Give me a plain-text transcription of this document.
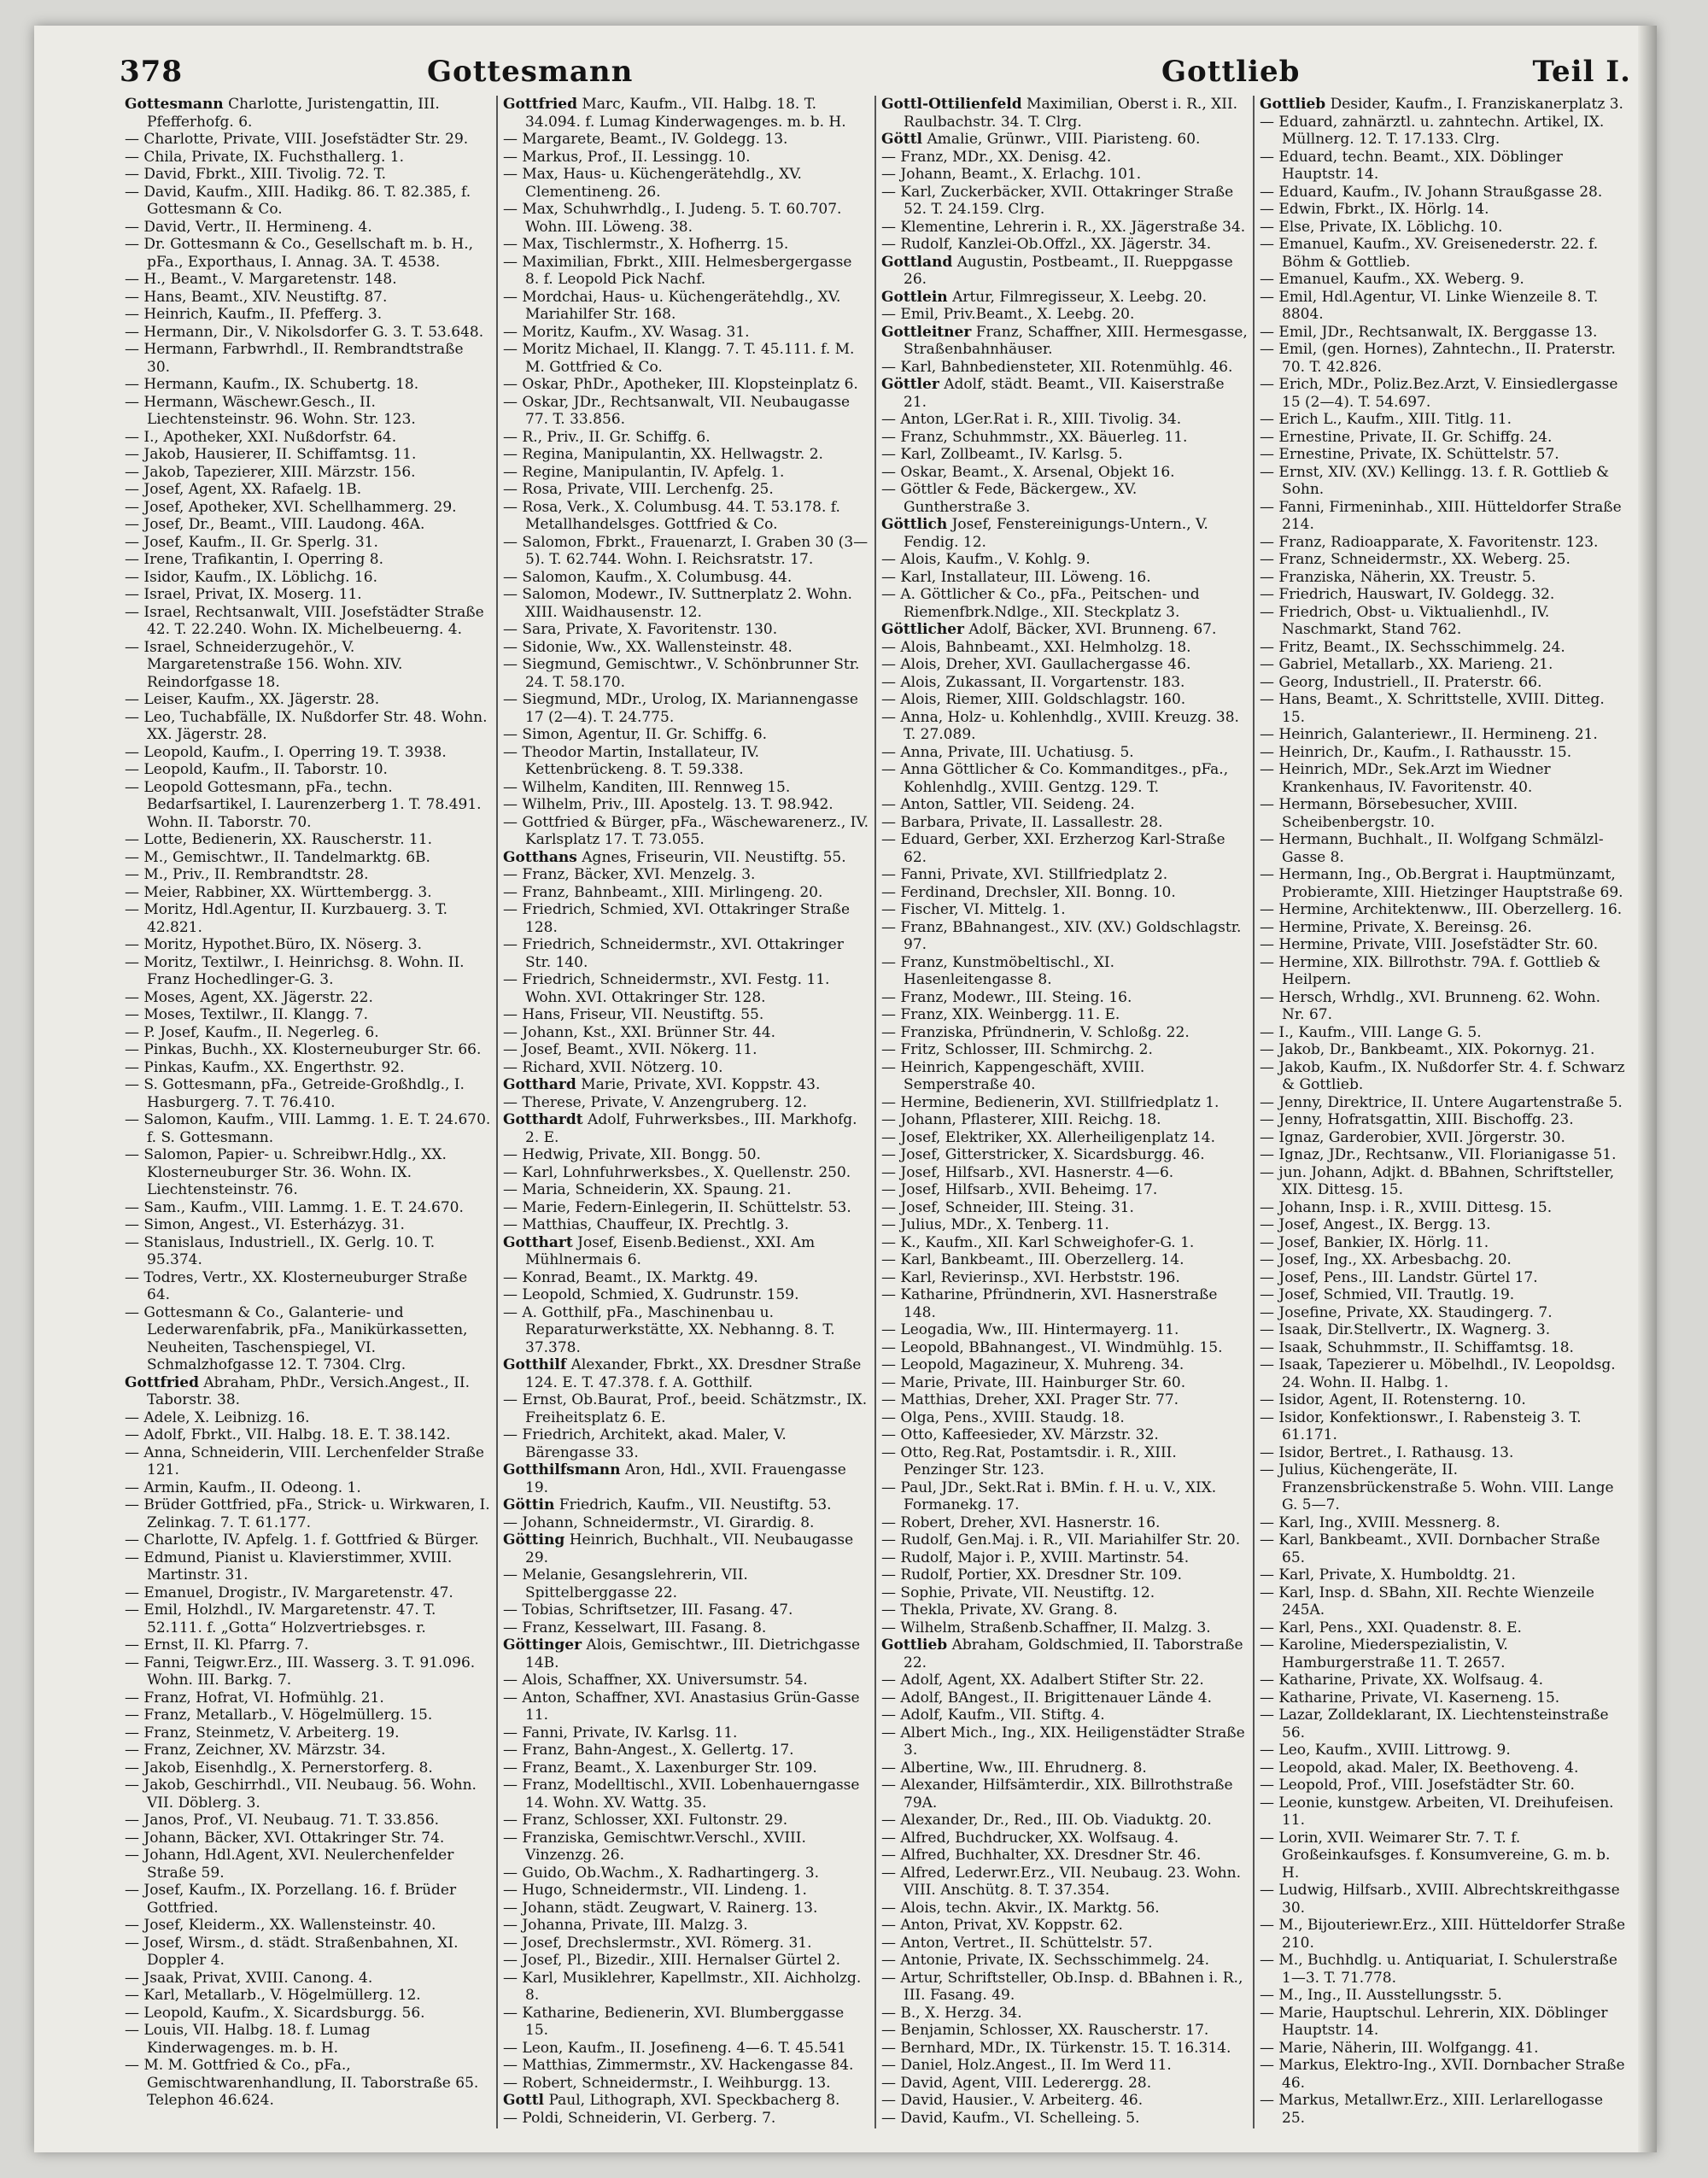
378	Gottesmann	Gottlieb	Teil I.

Gottesmann Charlotte, Juristengattin, III. Pfefferhofg. 6.

— Charlotte, Private, VIII. Josefstädter Str. 29.

— Chila, Private, IX. Fuchsthallerg. 1.

— David, Fbrkt., XIII. Tivolig. 72. T.

— David, Kaufm., XIII. Hadikg. 86. T. 82.385, f. Gottesmann & Co.

— David, Vertr., II. Hermineng. 4.

— Dr. Gottesmann & Co., Gesellschaft m. b. H., pFa., Exporthaus, I. Annag. 3A. T. 4538.

— H., Beamt., V. Margaretenstr. 148.

— Hans, Beamt., XIV. Neustiftg. 87.

— Heinrich, Kaufm., II. Pfefferg. 3.

— Hermann, Dir., V. Nikolsdorfer G. 3. T. 53.648.

— Hermann, Farbwrhdl., II. Rembrandtstraße 30.

— Hermann, Kaufm., IX. Schubertg. 18.

— Hermann, Wäschewr.Gesch., II. Liechtensteinstr. 96. Wohn. Str. 123.

— I., Apotheker, XXI. Nußdorfstr. 64.

— Jakob, Hausierer, II. Schiffamtsg. 11.

— Jakob, Tapezierer, XIII. Märzstr. 156.

— Josef, Agent, XX. Rafaelg. 1B.

— Josef, Apotheker, XVI. Schellhammerg. 29.

— Josef, Dr., Beamt., VIII. Laudong. 46A.

— Josef, Kaufm., II. Gr. Sperlg. 31.

— Irene, Trafikantin, I. Operring 8.

— Isidor, Kaufm., IX. Löblichg. 16.

— Israel, Privat, IX. Moserg. 11.

— Israel, Rechtsanwalt, VIII. Josefstädter Straße 42. T. 22.240. Wohn. IX. Michelbeuerng. 4.

— Israel, Schneiderzugehör., V. Margaretenstraße 156. Wohn. XIV. Reindorfgasse 18.

— Leiser, Kaufm., XX. Jägerstr. 28.

— Leo, Tuchabfälle, IX. Nußdorfer Str. 48. Wohn. XX. Jägerstr. 28.

— Leopold, Kaufm., I. Operring 19. T. 3938.

— Leopold, Kaufm., II. Taborstr. 10.

— Leopold Gottesmann, pFa., techn. Bedarfsartikel, I. Laurenzerberg 1. T. 78.491. Wohn. II. Taborstr. 70.

— Lotte, Bedienerin, XX. Rauscherstr. 11.

— M., Gemischtwr., II. Tandelmarktg. 6B.

— M., Priv., II. Rembrandtstr. 28.

— Meier, Rabbiner, XX. Württembergg. 3.

— Moritz, Hdl.Agentur, II. Kurzbauerg. 3. T. 42.821.

— Moritz, Hypothet.Büro, IX. Nöserg. 3.

— Moritz, Textilwr., I. Heinrichsg. 8. Wohn. II. Franz Hochedlinger-G. 3.

— Moses, Agent, XX. Jägerstr. 22.

— Moses, Textilwr., II. Klangg. 7.

— P. Josef, Kaufm., II. Negerleg. 6.

— Pinkas, Buchh., XX. Klosterneuburger Str. 66.

— Pinkas, Kaufm., XX. Engerthstr. 92.

— S. Gottesmann, pFa., Getreide-Großhdlg., I. Hasburgerg. 7. T. 76.410.

— Salomon, Kaufm., VIII. Lammg. 1. E. T. 24.670. f. S. Gottesmann.

— Salomon, Papier- u. Schreibwr.Hdlg., XX. Klosterneuburger Str. 36. Wohn. IX. Liechtensteinstr. 76.

— Sam., Kaufm., VIII. Lammg. 1. E. T. 24.670.

— Simon, Angest., VI. Esterházyg. 31.

— Stanislaus, Industriell., IX. Gerlg. 10. T. 95.374.

— Todres, Vertr., XX. Klosterneuburger Straße 64.

— Gottesmann & Co., Galanterie- und Lederwarenfabrik, pFa., Manikürkassetten, Neuheiten, Taschenspiegel, VI. Schmalzhofgasse 12. T. 7304. Clrg.

Gottfried Abraham, PhDr., Versich.Angest., II. Taborstr. 38.

— Adele, X. Leibnizg. 16.

— Adolf, Fbrkt., VII. Halbg. 18. E. T. 38.142.

— Anna, Schneiderin, VIII. Lerchenfelder Straße 121.

— Armin, Kaufm., II. Odeong. 1.

— Brüder Gottfried, pFa., Strick- u. Wirkwaren, I. Zelinkag. 7. T. 61.177.

— Charlotte, IV. Apfelg. 1. f. Gottfried & Bürger.

— Edmund, Pianist u. Klavierstimmer, XVIII. Martinstr. 31.

— Emanuel, Drogistr., IV. Margaretenstr. 47.

— Emil, Holzhdl., IV. Margaretenstr. 47. T. 52.111. f. „Gotta“ Holzvertriebsges. r.

— Ernst, II. Kl. Pfarrg. 7.

— Fanni, Teigwr.Erz., III. Wasserg. 3. T. 91.096. Wohn. III. Barkg. 7.

— Franz, Hofrat, VI. Hofmühlg. 21.

— Franz, Metallarb., V. Högelmüllerg. 15.

— Franz, Steinmetz, V. Arbeiterg. 19.

— Franz, Zeichner, XV. Märzstr. 34.

— Jakob, Eisenhdlg., X. Pernerstorferg. 8.

— Jakob, Geschirrhdl., VII. Neubaug. 56. Wohn. VII. Döblerg. 3.

— Janos, Prof., VI. Neubaug. 71. T. 33.856.

— Johann, Bäcker, XVI. Ottakringer Str. 74.

— Johann, Hdl.Agent, XVI. Neulerchenfelder Straße 59.

— Josef, Kaufm., IX. Porzellang. 16. f. Brüder Gottfried.

— Josef, Kleiderm., XX. Wallensteinstr. 40.

— Josef, Wirsm., d. städt. Straßenbahnen, XI. Doppler 4.

— Jsaak, Privat, XVIII. Canong. 4.

— Karl, Metallarb., V. Högelmüllerg. 12.

— Leopold, Kaufm., X. Sicardsburgg. 56.

— Louis, VII. Halbg. 18. f. Lumag Kinderwagenges. m. b. H.

— M. M. Gottfried & Co., pFa., Gemischtwarenhandlung, II. Taborstraße 65. Telephon 46.624.

Gottfried Marc, Kaufm., VII. Halbg. 18. T. 34.094. f. Lumag Kinderwagenges. m. b. H.

— Margarete, Beamt., IV. Goldegg. 13.

— Markus, Prof., II. Lessingg. 10.

— Max, Haus- u. Küchengerätehdlg., XV. Clementineng. 26.

— Max, Schuhwrhdlg., I. Judeng. 5. T. 60.707. Wohn. III. Löweng. 38.

— Max, Tischlermstr., X. Hofherrg. 15.

— Maximilian, Fbrkt., XIII. Helmesbergergasse 8. f. Leopold Pick Nachf.

— Mordchai, Haus- u. Küchengerätehdlg., XV. Mariahilfer Str. 168.

— Moritz, Kaufm., XV. Wasag. 31.

— Moritz Michael, II. Klangg. 7. T. 45.111. f. M. M. Gottfried & Co.

— Oskar, PhDr., Apotheker, III. Klopsteinplatz 6.

— Oskar, JDr., Rechtsanwalt, VII. Neubaugasse 77. T. 33.856.

— R., Priv., II. Gr. Schiffg. 6.

— Regina, Manipulantin, XX. Hellwagstr. 2.

— Regine, Manipulantin, IV. Apfelg. 1.

— Rosa, Private, VIII. Lerchenfg. 25.

— Rosa, Verk., X. Columbusg. 44. T. 53.178. f. Metallhandelsges. Gottfried & Co.

— Salomon, Fbrkt., Frauenarzt, I. Graben 30 (3—5). T. 62.744. Wohn. I. Reichsratstr. 17.

— Salomon, Kaufm., X. Columbusg. 44.

— Salomon, Modewr., IV. Suttnerplatz 2. Wohn. XIII. Waidhausenstr. 12.

— Sara, Private, X. Favoritenstr. 130.

— Sidonie, Ww., XX. Wallensteinstr. 48.

— Siegmund, Gemischtwr., V. Schönbrunner Str. 24. T. 58.170.

— Siegmund, MDr., Urolog, IX. Mariannengasse 17 (2—4). T. 24.775.

— Simon, Agentur, II. Gr. Schiffg. 6.

— Theodor Martin, Installateur, IV. Kettenbrückeng. 8. T. 59.338.

— Wilhelm, Kanditen, III. Rennweg 15.

— Wilhelm, Priv., III. Apostelg. 13. T. 98.942.

— Gottfried & Bürger, pFa., Wäschewarenerz., IV. Karlsplatz 17. T. 73.055.

Gotthans Agnes, Friseurin, VII. Neustiftg. 55.

— Franz, Bäcker, XVI. Menzelg. 3.

— Franz, Bahnbeamt., XIII. Mirlingeng. 20.

— Friedrich, Schmied, XVI. Ottakringer Straße 128.

— Friedrich, Schneidermstr., XVI. Ottakringer Str. 140.

— Friedrich, Schneidermstr., XVI. Festg. 11. Wohn. XVI. Ottakringer Str. 128.

— Hans, Friseur, VII. Neustiftg. 55.

— Johann, Kst., XXI. Brünner Str. 44.

— Josef, Beamt., XVII. Nökerg. 11.

— Richard, XVII. Nötzerg. 10.

Gotthard Marie, Private, XVI. Koppstr. 43.

— Therese, Private, V. Anzengruberg. 12.

Gotthardt Adolf, Fuhrwerksbes., III. Markhofg. 2. E.

— Hedwig, Private, XII. Bongg. 50.

— Karl, Lohnfuhrwerksbes., X. Quellenstr. 250.

— Maria, Schneiderin, XX. Spaung. 21.

— Marie, Federn-Einlegerin, II. Schüttelstr. 53.

— Matthias, Chauffeur, IX. Prechtlg. 3.

Gotthart Josef, Eisenb.Bedienst., XXI. Am Mühlnermais 6.

— Konrad, Beamt., IX. Marktg. 49.

— Leopold, Schmied, X. Gudrunstr. 159.

— A. Gotthilf, pFa., Maschinenbau u. Reparaturwerkstätte, XX. Nebhanng. 8. T. 37.378.

Gotthilf Alexander, Fbrkt., XX. Dresdner Straße 124. E. T. 47.378. f. A. Gotthilf.

— Ernst, Ob.Baurat, Prof., beeid. Schätzmstr., IX. Freiheitsplatz 6. E.

— Friedrich, Architekt, akad. Maler, V. Bärengasse 33.

Gotthilfsmann Aron, Hdl., XVII. Frauengasse 19.

Göttin Friedrich, Kaufm., VII. Neustiftg. 53.

— Johann, Schneidermstr., VI. Girardig. 8.

Götting Heinrich, Buchhalt., VII. Neubaugasse 29.

— Melanie, Gesangslehrerin, VII. Spittelberggasse 22.

— Tobias, Schriftsetzer, III. Fasang. 47.

— Franz, Kesselwart, III. Fasang. 8.

Göttinger Alois, Gemischtwr., III. Dietrichgasse 14B.

— Alois, Schaffner, XX. Universumstr. 54.

— Anton, Schaffner, XVI. Anastasius Grün-Gasse 11.

— Fanni, Private, IV. Karlsg. 11.

— Franz, Bahn-Angest., X. Gellertg. 17.

— Franz, Beamt., X. Laxenburger Str. 109.

— Franz, Modelltischl., XVII. Lobenhauerngasse 14. Wohn. XV. Wattg. 35.

— Franz, Schlosser, XXI. Fultonstr. 29.

— Franziska, Gemischtwr.Verschl., XVIII. Vinzenzg. 26.

— Guido, Ob.Wachm., X. Radhartingerg. 3.

— Hugo, Schneidermstr., VII. Lindeng. 1.

— Johann, städt. Zeugwart, V. Rainerg. 13.

— Johanna, Private, III. Malzg. 3.

— Josef, Drechslermstr., XVI. Römerg. 31.

— Josef, Pl., Bizedir., XIII. Hernalser Gürtel 2.

— Karl, Musiklehrer, Kapellmstr., XII. Aichholzg. 8.

— Katharine, Bedienerin, XVI. Blumberggasse 15.

— Leon, Kaufm., II. Josefineng. 4—6. T. 45.541

— Matthias, Zimmermstr., XV. Hackengasse 84.

— Robert, Schneidermstr., I. Weihburgg. 13.

Gottl Paul, Lithograph, XVI. Speckbacherg 8.

— Poldi, Schneiderin, VI. Gerberg. 7.

Gottl-Ottilienfeld Maximilian, Oberst i. R., XII. Raulbachstr. 34. T. Clrg.

Göttl Amalie, Grünwr., VIII. Piaristeng. 60.

— Franz, MDr., XX. Denisg. 42.

— Johann, Beamt., X. Erlachg. 101.

— Karl, Zuckerbäcker, XVII. Ottakringer Straße 52. T. 24.159. Clrg.

— Klementine, Lehrerin i. R., XX. Jägerstraße 34.

— Rudolf, Kanzlei-Ob.Offzl., XX. Jägerstr. 34.

Gottland Augustin, Postbeamt., II. Rueppgasse 26.

Gottlein Artur, Filmregisseur, X. Leebg. 20.

— Emil, Priv.Beamt., X. Leebg. 20.

Gottleitner Franz, Schaffner, XIII. Hermesgasse, Straßenbahnhäuser.

— Karl, Bahnbediensteter, XII. Rotenmühlg. 46.

Göttler Adolf, städt. Beamt., VII. Kaiserstraße 21.

— Anton, LGer.Rat i. R., XIII. Tivolig. 34.

— Franz, Schuhmmstr., XX. Bäuerleg. 11.

— Karl, Zollbeamt., IV. Karlsg. 5.

— Oskar, Beamt., X. Arsenal, Objekt 16.

— Göttler & Fede, Bäckergew., XV. Guntherstraße 3.

Göttlich Josef, Fenstereinigungs-Untern., V. Fendig. 12.

— Alois, Kaufm., V. Kohlg. 9.

— Karl, Installateur, III. Löweng. 16.

— A. Göttlicher & Co., pFa., Peitschen- und Riemenfbrk.Ndlge., XII. Steckplatz 3.

Göttlicher Adolf, Bäcker, XVI. Brunneng. 67.

— Alois, Bahnbeamt., XXI. Helmholzg. 18.

— Alois, Dreher, XVI. Gaullachergasse 46.

— Alois, Zukassant, II. Vorgartenstr. 183.

— Alois, Riemer, XIII. Goldschlagstr. 160.

— Anna, Holz- u. Kohlenhdlg., XVIII. Kreuzg. 38. T. 27.089.

— Anna, Private, III. Uchatiusg. 5.

— Anna Göttlicher & Co. Kommanditges., pFa., Kohlenhdlg., XVIII. Gentzg. 129. T.

— Anton, Sattler, VII. Seideng. 24.

— Barbara, Private, II. Lassallestr. 28.

— Eduard, Gerber, XXI. Erzherzog Karl-Straße 62.

— Fanni, Private, XVI. Stillfriedplatz 2.

— Ferdinand, Drechsler, XII. Bonng. 10.

— Fischer, VI. Mittelg. 1.

— Franz, BBahnangest., XIV. (XV.) Goldschlagstr. 97.

— Franz, Kunstmöbeltischl., XI. Hasenleitengasse 8.

— Franz, Modewr., III. Steing. 16.

— Franz, XIX. Weinbergg. 11. E.

— Franziska, Pfründnerin, V. Schloßg. 22.

— Fritz, Schlosser, III. Schmirchg. 2.

— Heinrich, Kappengeschäft, XVIII. Semperstraße 40.

— Hermine, Bedienerin, XVI. Stillfriedplatz 1.

— Johann, Pflasterer, XIII. Reichg. 18.

— Josef, Elektriker, XX. Allerheiligenplatz 14.

— Josef, Gitterstricker, X. Sicardsburgg. 46.

— Josef, Hilfsarb., XVI. Hasnerstr. 4—6.

— Josef, Hilfsarb., XVII. Beheimg. 17.

— Josef, Schneider, III. Steing. 31.

— Julius, MDr., X. Tenberg. 11.

— K., Kaufm., XII. Karl Schweighofer-G. 1.

— Karl, Bankbeamt., III. Oberzellerg. 14.

— Karl, Revierinsp., XVI. Herbststr. 196.

— Katharine, Pfründnerin, XVI. Hasnerstraße 148.

— Leogadia, Ww., III. Hintermayerg. 11.

— Leopold, BBahnangest., VI. Windmühlg. 15.

— Leopold, Magazineur, X. Muhreng. 34.

— Marie, Private, III. Hainburger Str. 60.

— Matthias, Dreher, XXI. Prager Str. 77.

— Olga, Pens., XVIII. Staudg. 18.

— Otto, Kaffeesieder, XV. Märzstr. 32.

— Otto, Reg.Rat, Postamtsdir. i. R., XIII. Penzinger Str. 123.

— Paul, JDr., Sekt.Rat i. BMin. f. H. u. V., XIX. Formanekg. 17.

— Robert, Dreher, XVI. Hasnerstr. 16.

— Rudolf, Gen.Maj. i. R., VII. Mariahilfer Str. 20.

— Rudolf, Major i. P., XVIII. Martinstr. 54.

— Rudolf, Portier, XX. Dresdner Str. 109.

— Sophie, Private, VII. Neustiftg. 12.

— Thekla, Private, XV. Grang. 8.

— Wilhelm, Straßenb.Schaffner, II. Malzg. 3.

Gottlieb Abraham, Goldschmied, II. Taborstraße 22.

— Adolf, Agent, XX. Adalbert Stifter Str. 22.

— Adolf, BAngest., II. Brigittenauer Lände 4.

— Adolf, Kaufm., VII. Stiftg. 4.

— Albert Mich., Ing., XIX. Heiligenstädter Straße 3.

— Albertine, Ww., III. Ehrudnerg. 8.

— Alexander, Hilfsämterdir., XIX. Billrothstraße 79A.

— Alexander, Dr., Red., III. Ob. Viaduktg. 20.

— Alfred, Buchdrucker, XX. Wolfsaug. 4.

— Alfred, Buchhalter, XX. Dresdner Str. 46.

— Alfred, Lederwr.Erz., VII. Neubaug. 23. Wohn. VIII. Anschütg. 8. T. 37.354.

— Alois, techn. Akvir., IX. Marktg. 56.

— Anton, Privat, XV. Koppstr. 62.

— Anton, Vertret., II. Schüttelstr. 57.

— Antonie, Private, IX. Sechsschimmelg. 24.

— Artur, Schriftsteller, Ob.Insp. d. BBahnen i. R., III. Fasang. 49.

— B., X. Herzg. 34.

— Benjamin, Schlosser, XX. Rauscherstr. 17.

— Bernhard, MDr., IX. Türkenstr. 15. T. 16.314.

— Daniel, Holz.Angest., II. Im Werd 11.

— David, Agent, VIII. Lederergg. 28.

— David, Hausier., V. Arbeiterg. 46.

— David, Kaufm., VI. Schelleing. 5.

Gottlieb Desider, Kaufm., I. Franziskanerplatz 3.

— Eduard, zahnärztl. u. zahntechn. Artikel, IX. Müllnerg. 12. T. 17.133. Clrg.

— Eduard, techn. Beamt., XIX. Döblinger Hauptstr. 14.

— Eduard, Kaufm., IV. Johann Straußgasse 28.

— Edwin, Fbrkt., IX. Hörlg. 14.

— Else, Private, IX. Löblichg. 10.

— Emanuel, Kaufm., XV. Greisenederstr. 22. f. Böhm & Gottlieb.

— Emanuel, Kaufm., XX. Weberg. 9.

— Emil, Hdl.Agentur, VI. Linke Wienzeile 8. T. 8804.

— Emil, JDr., Rechtsanwalt, IX. Berggasse 13.

— Emil, (gen. Hornes), Zahntechn., II. Praterstr. 70. T. 42.826.

— Erich, MDr., Poliz.Bez.Arzt, V. Einsiedlergasse 15 (2—4). T. 54.697.

— Erich L., Kaufm., XIII. Titlg. 11.

— Ernestine, Private, II. Gr. Schiffg. 24.

— Ernestine, Private, IX. Schüttelstr. 57.

— Ernst, XIV. (XV.) Kellingg. 13. f. R. Gottlieb & Sohn.

— Fanni, Firmeninhab., XIII. Hütteldorfer Straße 214.

— Franz, Radioapparate, X. Favoritenstr. 123.

— Franz, Schneidermstr., XX. Weberg. 25.

— Franziska, Näherin, XX. Treustr. 5.

— Friedrich, Hauswart, IV. Goldegg. 32.

— Friedrich, Obst- u. Viktualienhdl., IV. Naschmarkt, Stand 762.

— Fritz, Beamt., IX. Sechsschimmelg. 24.

— Gabriel, Metallarb., XX. Marieng. 21.

— Georg, Industriell., II. Praterstr. 66.

— Hans, Beamt., X. Schrittstelle, XVIII. Ditteg. 15.

— Heinrich, Galanteriewr., II. Hermineng. 21.

— Heinrich, Dr., Kaufm., I. Rathausstr. 15.

— Heinrich, MDr., Sek.Arzt im Wiedner Krankenhaus, IV. Favoritenstr. 40.

— Hermann, Börsebesucher, XVIII. Scheibenbergstr. 10.

— Hermann, Buchhalt., II. Wolfgang Schmälzl-Gasse 8.

— Hermann, Ing., Ob.Bergrat i. Hauptmünzamt, Probieramte, XIII. Hietzinger Hauptstraße 69.

— Hermine, Architektenww., III. Oberzellerg. 16.

— Hermine, Private, X. Bereinsg. 26.

— Hermine, Private, VIII. Josefstädter Str. 60.

— Hermine, XIX. Billrothstr. 79A. f. Gottlieb & Heilpern.

— Hersch, Wrhdlg., XVI. Brunneng. 62. Wohn. Nr. 67.

— I., Kaufm., VIII. Lange G. 5.

— Jakob, Dr., Bankbeamt., XIX. Pokornyg. 21.

— Jakob, Kaufm., IX. Nußdorfer Str. 4. f. Schwarz & Gottlieb.

— Jenny, Direktrice, II. Untere Augartenstraße 5.

— Jenny, Hofratsgattin, XIII. Bischoffg. 23.

— Ignaz, Garderobier, XVII. Jörgerstr. 30.

— Ignaz, JDr., Rechtsanw., VII. Florianigasse 51.

— jun. Johann, Adjkt. d. BBahnen, Schriftsteller, XIX. Dittesg. 15.

— Johann, Insp. i. R., XVIII. Dittesg. 15.

— Josef, Angest., IX. Bergg. 13.

— Josef, Bankier, IX. Hörlg. 11.

— Josef, Ing., XX. Arbesbachg. 20.

— Josef, Pens., III. Landstr. Gürtel 17.

— Josef, Schmied, VII. Trautlg. 19.

— Josefine, Private, XX. Staudingerg. 7.

— Isaak, Dir.Stellvertr., IX. Wagnerg. 3.

— Isaak, Schuhmmstr., II. Schiffamtsg. 18.

— Isaak, Tapezierer u. Möbelhdl., IV. Leopoldsg. 24. Wohn. II. Halbg. 1.

— Isidor, Agent, II. Rotensterng. 10.

— Isidor, Konfektionswr., I. Rabensteig 3. T. 61.171.

— Isidor, Bertret., I. Rathausg. 13.

— Julius, Küchengeräte, II. Franzensbrückenstraße 5. Wohn. VIII. Lange G. 5—7.

— Karl, Ing., XVIII. Messnerg. 8.

— Karl, Bankbeamt., XVII. Dornbacher Straße 65.

— Karl, Private, X. Humboldtg. 21.

— Karl, Insp. d. SBahn, XII. Rechte Wienzeile 245A.

— Karl, Pens., XXI. Quadenstr. 8. E.

— Karoline, Miederspezialistin, V. Hamburgerstraße 11. T. 2657.

— Katharine, Private, XX. Wolfsaug. 4.

— Katharine, Private, VI. Kaserneng. 15.

— Lazar, Zolldeklarant, IX. Liechtensteinstraße 56.

— Leo, Kaufm., XVIII. Littrowg. 9.

— Leopold, akad. Maler, IX. Beethoveng. 4.

— Leopold, Prof., VIII. Josefstädter Str. 60.

— Leonie, kunstgew. Arbeiten, VI. Dreihufeisen. 11.

— Lorin, XVII. Weimarer Str. 7. T. f. Großeinkaufsges. f. Konsumvereine, G. m. b. H.

— Ludwig, Hilfsarb., XVIII. Albrechtskreithgasse 30.

— M., Bijouteriewr.Erz., XIII. Hütteldorfer Straße 210.

— M., Buchhdlg. u. Antiquariat, I. Schulerstraße 1—3. T. 71.778.

— M., Ing., II. Ausstellungsstr. 5.

— Marie, Hauptschul. Lehrerin, XIX. Döblinger Hauptstr. 14.

— Marie, Näherin, III. Wolfgangg. 41.

— Markus, Elektro-Ing., XVII. Dornbacher Straße 46.

— Markus, Metallwr.Erz., XIII. Lerlarellogasse 25.
